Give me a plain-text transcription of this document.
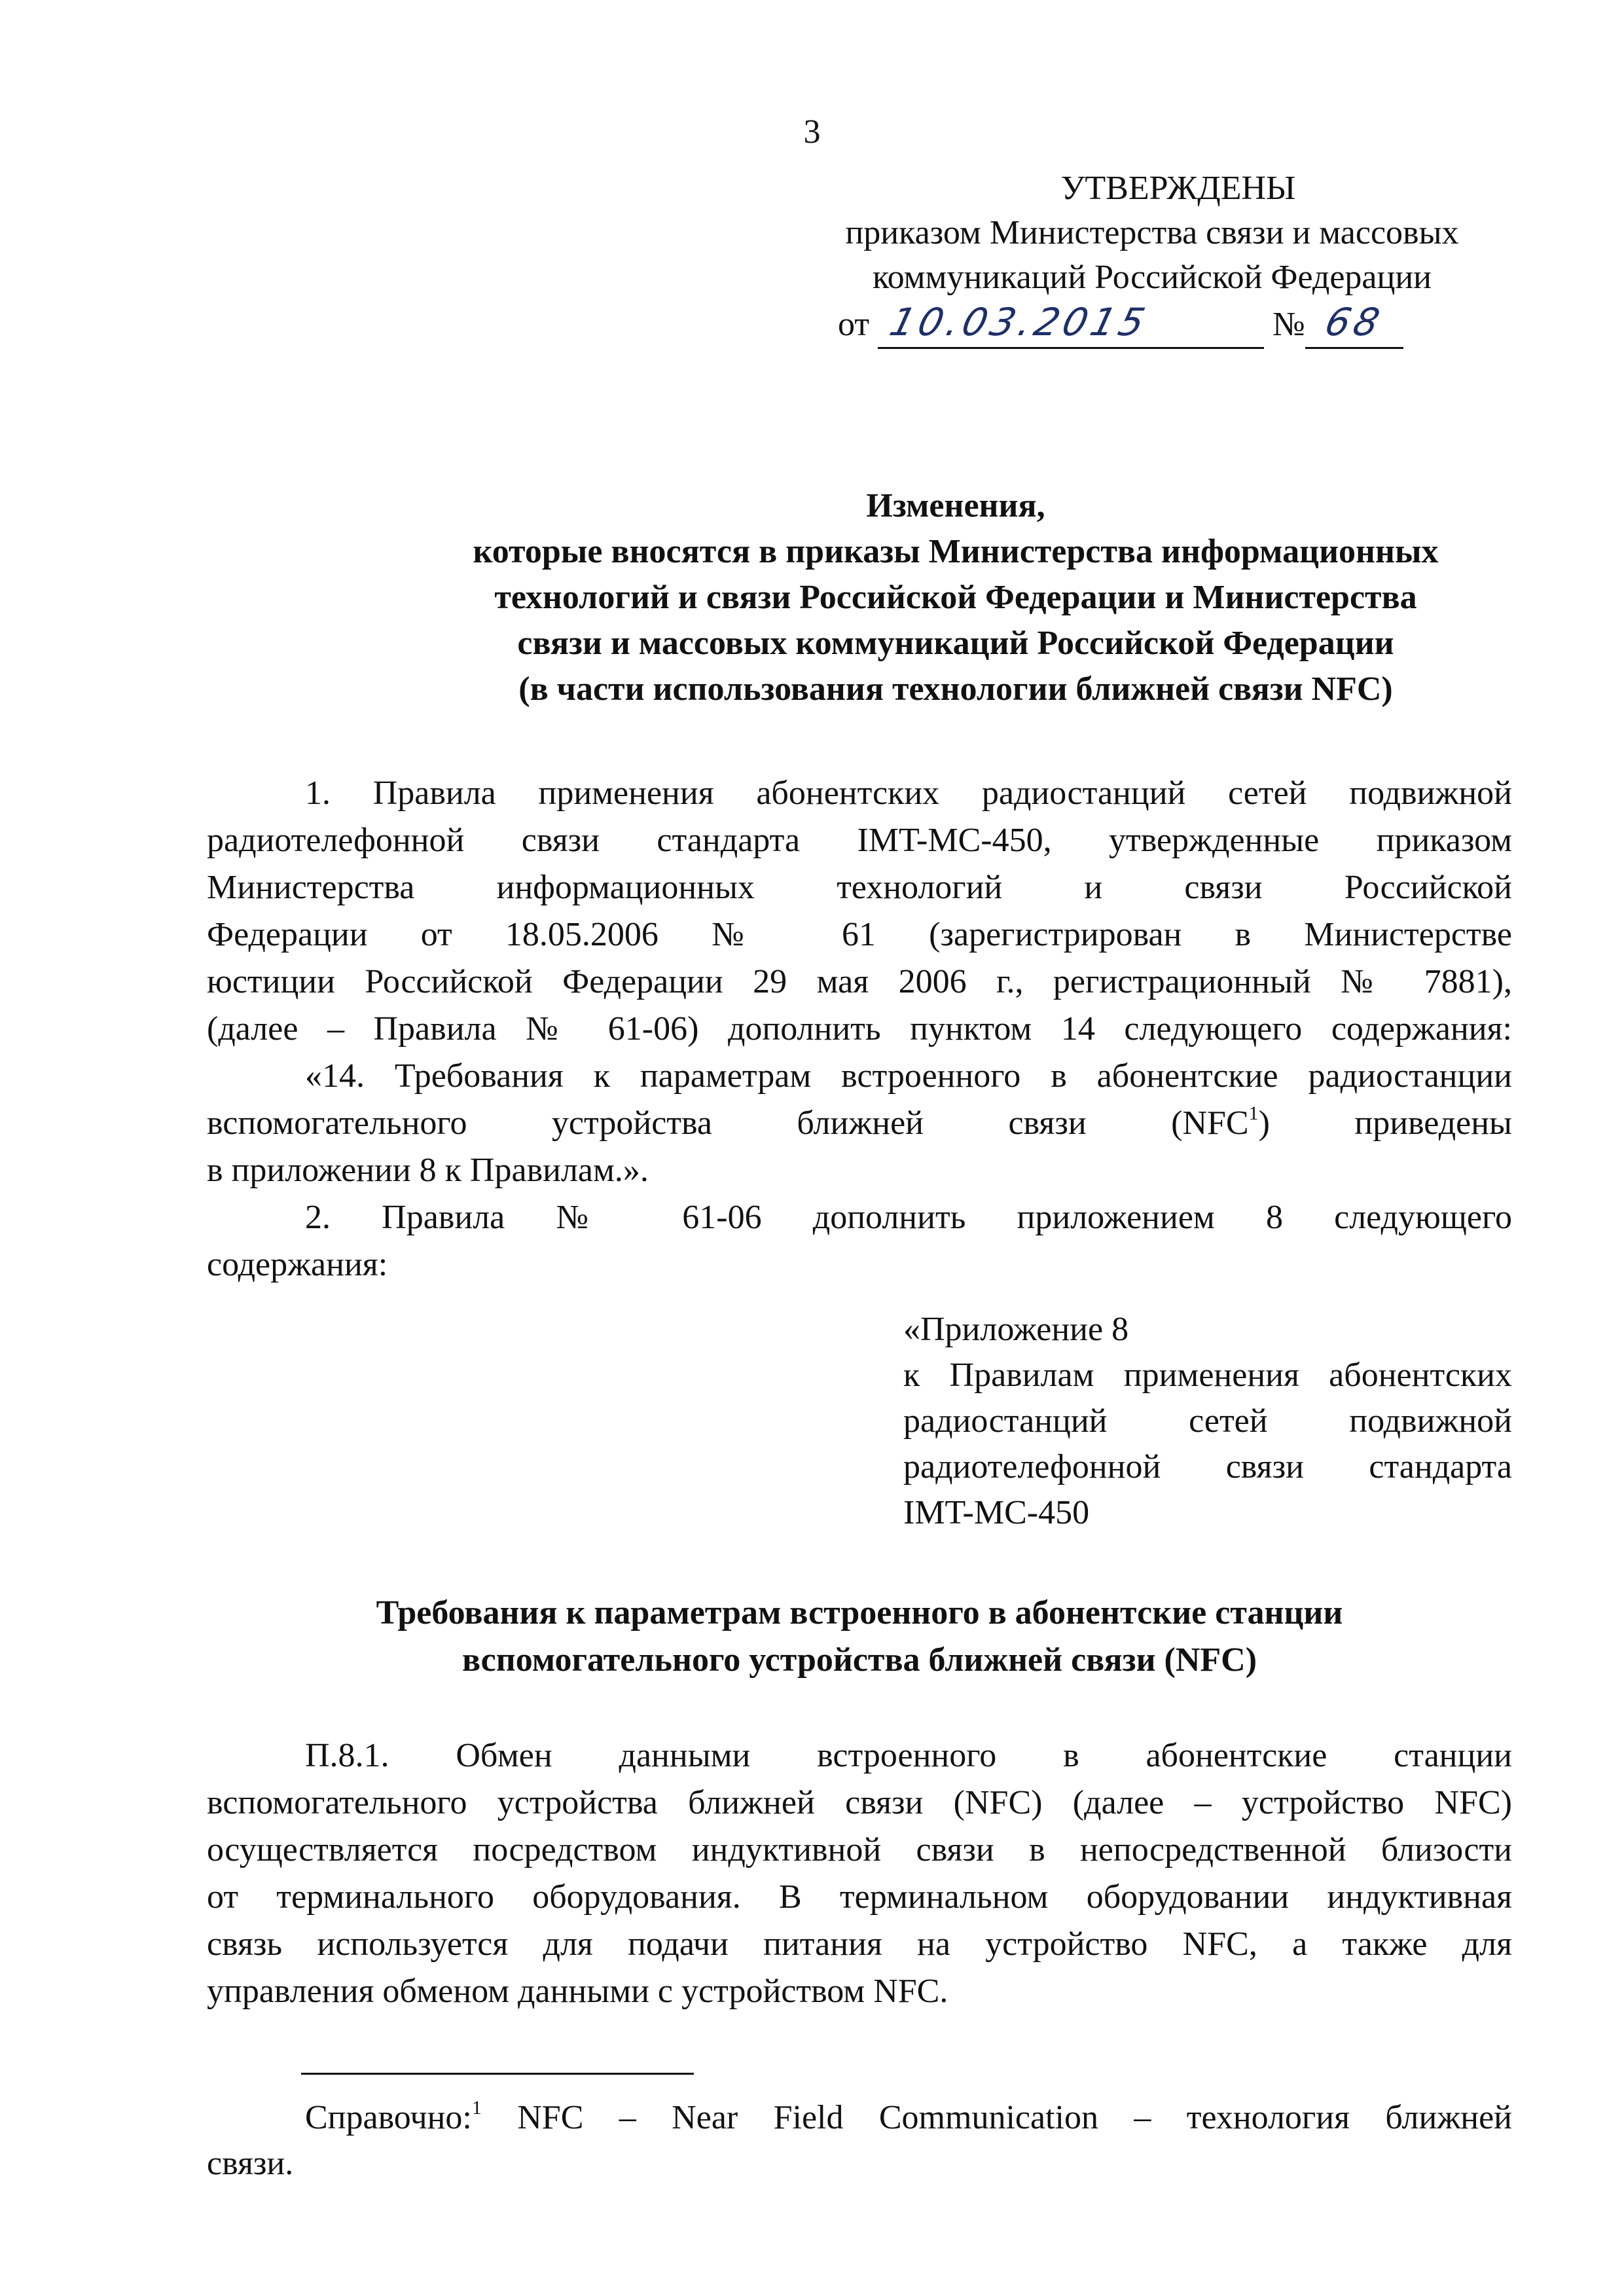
3
УТВЕРЖДЕНЫ
приказом Министерства связи и массовых
коммуникаций Российской Федерации
от 10.03.2015	№ 68
Изменения,
которые вносятся в приказы Министерства информационных
технологий и связи Российской Федерации и Министерства
связи и массовых коммуникаций Российской Федерации
(в части использования технологии ближней связи NFC)
1. Правила применения абонентских радиостанций сетей подвижной
радиотелефонной связи стандарта IMT-MC-450, утвержденные приказом
Министерства информационных технологий и связи Российской
Федерации от 18.05.2006 № 61 (зарегистрирован в Министерстве
юстиции Российской Федерации 29 мая 2006 г., регистрационный № 7881),
(далее – Правила № 61-06) дополнить пунктом 14 следующего содержания:
«14. Требования к параметрам встроенного в абонентские радиостанции
вспомогательного устройства ближней связи (NFC$^1$) приведены
в приложении 8 к Правилам.».
2. Правила № 61-06 дополнить приложением 8 следующего
содержания:
«Приложение 8
к Правилам применения абонентских
радиостанций сетей подвижной
радиотелефонной связи стандарта
IMT-MC-450
Требования к параметрам встроенного в абонентские станции
вспомогательного устройства ближней связи (NFC)
П.8.1. Обмен данными встроенного в абонентские станции
вспомогательного устройства ближней связи (NFC) (далее – устройство NFC)
осуществляется посредством индуктивной связи в непосредственной близости
от терминального оборудования. В терминальном оборудовании индуктивная
связь используется для подачи питания на устройство NFC, а также для
управления обменом данными с устройством NFC.
Справочно:$^1$ NFC – Near Field Communication – технология ближней
связи.
